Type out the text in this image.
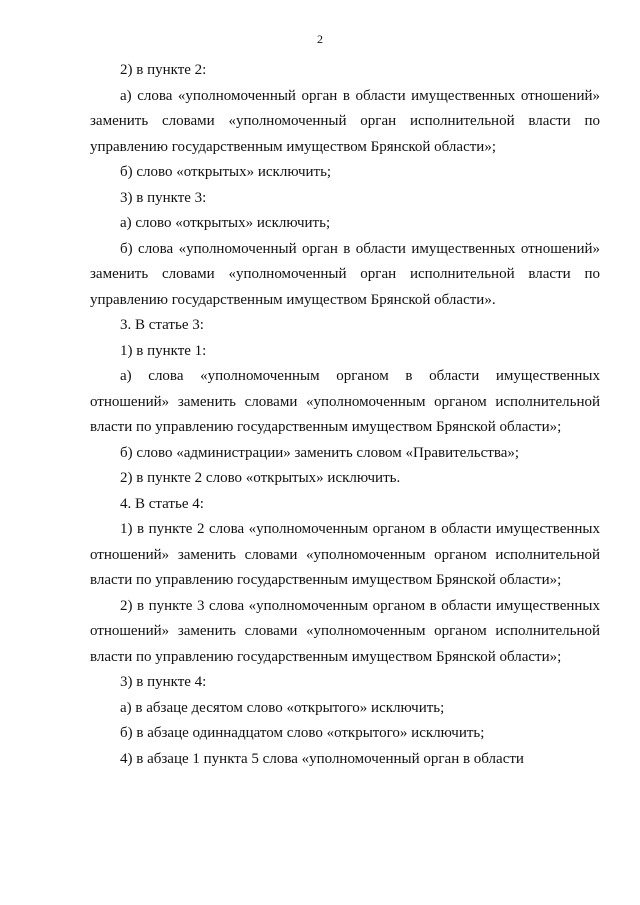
2

2) в пункте 2:

а) слова «уполномоченный орган в области имущественных отношений» заменить словами «уполномоченный орган исполнительной власти по управлению государственным имуществом Брянской области»;

б) слово «открытых» исключить;

3) в пункте 3:

а) слово «открытых» исключить;

б) слова «уполномоченный орган в области имущественных отношений» заменить словами «уполномоченный орган исполнительной власти по управлению государственным имуществом Брянской области».

3. В статье 3:

1) в пункте 1:

а) слова «уполномоченным органом в области имущественных отношений» заменить словами «уполномоченным органом исполнительной власти по управлению государственным имуществом Брянской области»;

б) слово «администрации» заменить словом «Правительства»;

2) в пункте 2 слово «открытых» исключить.

4. В статье 4:

1) в пункте 2 слова «уполномоченным органом в области имущественных отношений» заменить словами «уполномоченным органом исполнительной власти по управлению государственным имуществом Брянской области»;

2) в пункте 3 слова «уполномоченным органом в области имущественных отношений» заменить словами «уполномоченным органом исполнительной власти по управлению государственным имуществом Брянской области»;

3) в пункте 4:

а) в абзаце десятом слово «открытого» исключить;

б) в абзаце одиннадцатом слово «открытого» исключить;

4) в абзаце 1 пункта 5 слова «уполномоченный орган в области
